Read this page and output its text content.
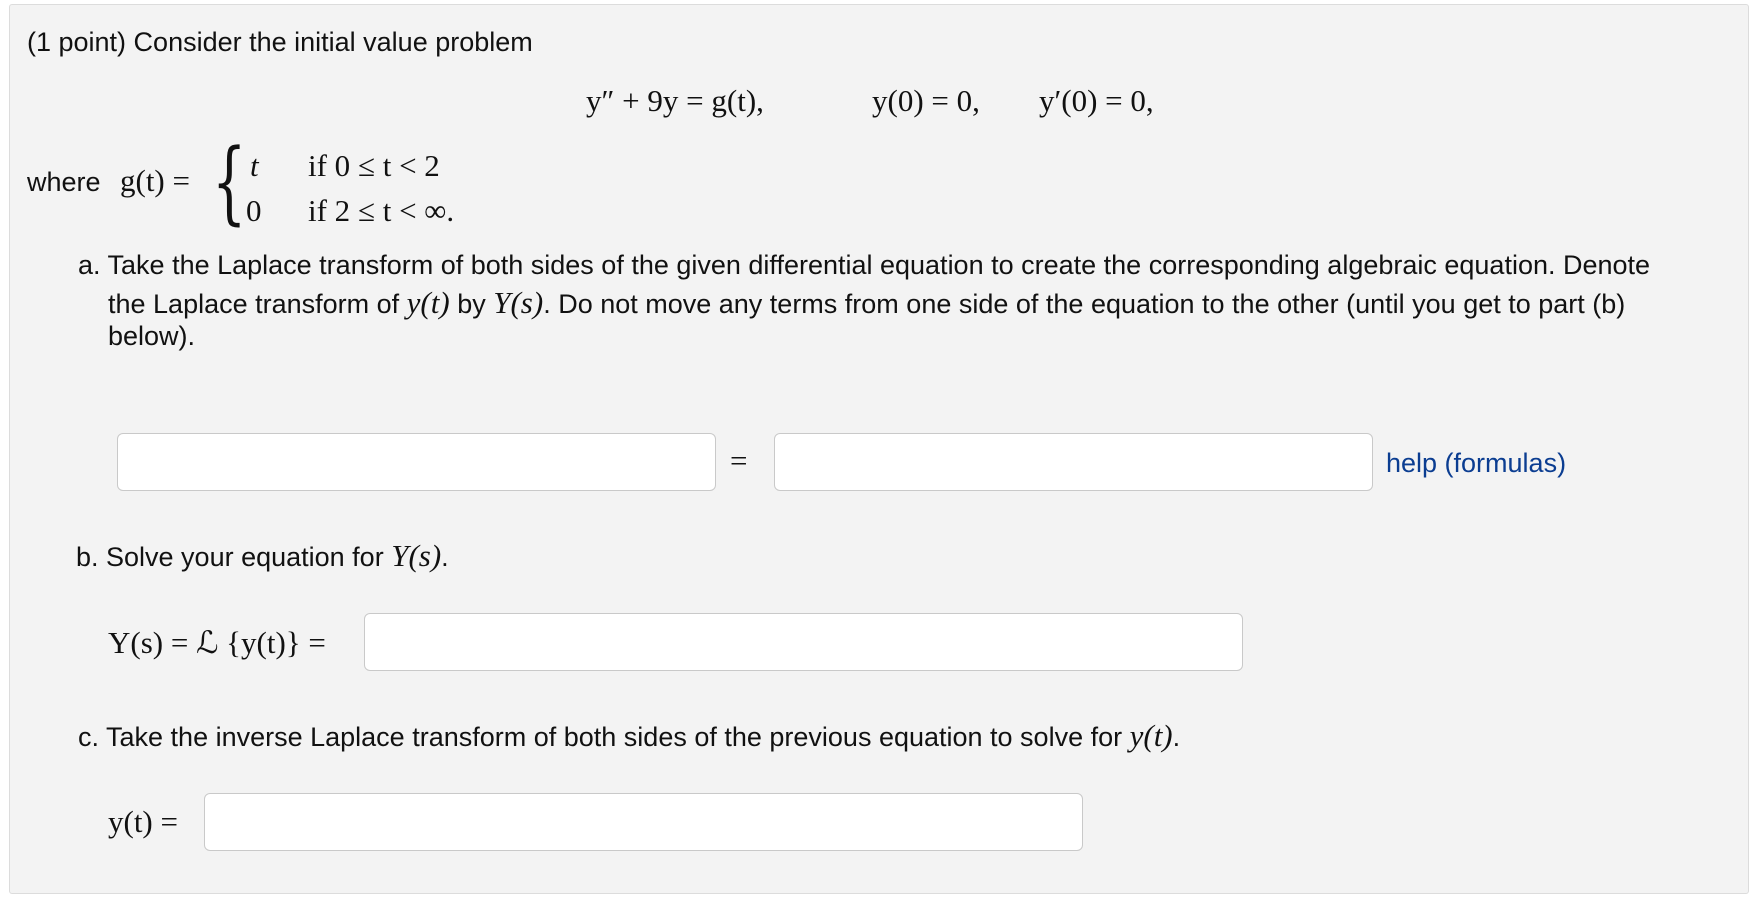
(1 point) Consider the initial value problem
y″ + 9y = g(t),	y(0) = 0, y′(0) = 0,
where g(t) = { t if 0 ≤ t < 2
0 if 2 ≤ t < ∞.
a. Take the Laplace transform of both sides of the given differential equation to create the corresponding algebraic equation. Denote
the Laplace transform of y(t) by Y(s). Do not move any terms from one side of the equation to the other (until you get to part (b)
below).
=	help (formulas)
b. Solve your equation for Y(s).
Y(s) = ℒ {y(t)} =
c. Take the inverse Laplace transform of both sides of the previous equation to solve for y(t).
y(t) =
